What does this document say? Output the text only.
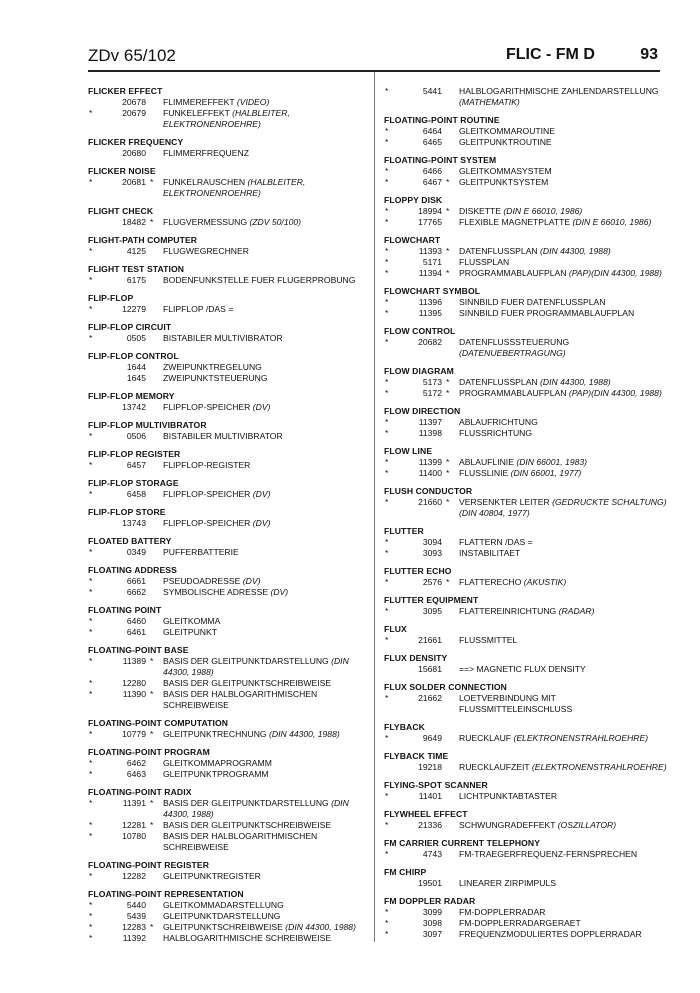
ZDv 65/102	FLIC - FM D	93
FLICKER EFFECT
20678 FLIMMEREFFEKT (VIDEO)
*	20679 FUNKELEFFEKT (HALBLEITER, ELEKTRONENROEHRE)
FLICKER FREQUENCY
20680 FLIMMERFREQUENZ
FLICKER NOISE
*	20681 * FUNKELRAUSCHEN (HALBLEITER, ELEKTRONENROEHRE)
FLIGHT CHECK
18482 * FLUGVERMESSUNG (ZDV 50/100)
FLIGHT-PATH COMPUTER
*	4125 FLUGWEGRECHNER
FLIGHT TEST STATION
*	6175 BODENFUNKSTELLE FUER FLUGERPROBUNG
FLIP-FLOP
*	12279 FLIPFLOP /DAS =
FLIP-FLOP CIRCUIT
*	0505 BISTABILER MULTIVIBRATOR
FLIP-FLOP CONTROL
1644 ZWEIPUNKTREGELUNG
1645 ZWEIPUNKTSTEUERUNG
FLIP-FLOP MEMORY
13742 FLIPFLOP-SPEICHER (DV)
FLIP-FLOP MULTIVIBRATOR
*	0506 BISTABILER MULTIVIBRATOR
FLIP-FLOP REGISTER
*	6457 FLIPFLOP-REGISTER
FLIP-FLOP STORAGE
*	6458 FLIPFLOP-SPEICHER (DV)
FLIP-FLOP STORE
13743 FLIPFLOP-SPEICHER (DV)
FLOATED BATTERY
*	0349 PUFFERBATTERIE
FLOATING ADDRESS
*	6661 PSEUDOADRESSE (DV)
*	6662 SYMBOLISCHE ADRESSE (DV)
FLOATING POINT
*	6460 GLEITKOMMA
*	6461 GLEITPUNKT
FLOATING-POINT BASE
*	11389 * BASIS DER GLEITPUNKTDARSTELLUNG (DIN 44300, 1988)
*	12280 BASIS DER GLEITPUNKTSCHREIBWEISE
*	11390 * BASIS DER HALBLOGARITHMISCHEN SCHREIBWEISE
FLOATING-POINT COMPUTATION
*	10779 * GLEITPUNKTRECHNUNG (DIN 44300, 1988)
FLOATING-POINT PROGRAM
*	6462 GLEITKOMMAPROGRAMM
*	6463 GLEITPUNKTPROGRAMM
FLOATING-POINT RADIX
*	11391 * BASIS DER GLEITPUNKTDARSTELLUNG (DIN 44300, 1988)
*	12281 * BASIS DER GLEITPUNKTSCHREIBWEISE
*	10780 BASIS DER HALBLOGARITHMISCHEN SCHREIBWEISE
FLOATING-POINT REGISTER
*	12282 GLEITPUNKTREGISTER
FLOATING-POINT REPRESENTATION
*	5440 GLEITKOMMADARSTELLUNG
*	5439 GLEITPUNKTDARSTELLUNG
*	12283 * GLEITPUNKTSCHREIBWEISE (DIN 44300, 1988)
*	11392 HALBLOGARITHMISCHE SCHREIBWEISE
*	5441 HALBLOGARITHMISCHE ZAHLENDARSTELLUNG (MATHEMATIK)
FLOATING-POINT ROUTINE
*	6464 GLEITKOMMAROUTINE
*	6465 GLEITPUNKTROUTINE
FLOATING-POINT SYSTEM
*	6466 GLEITKOMMASYSTEM
*	6467 * GLEITPUNKTSYSTEM
FLOPPY DISK
*	18994 * DISKETTE (DIN E 66010, 1986)
*	17765 FLEXIBLE MAGNETPLATTE (DIN E 66010, 1986)
FLOWCHART
*	11393 * DATENFLUSSPLAN (DIN 44300, 1988)
*	5171 FLUSSPLAN
*	11394 * PROGRAMMABLAUFPLAN (PAP)(DIN 44300, 1988)
FLOWCHART SYMBOL
*	11396 SINNBILD FUER DATENFLUSSPLAN
*	11395 SINNBILD FUER PROGRAMMABLAUFPLAN
FLOW CONTROL
*	20682 DATENFLUSSSTEUERUNG (DATENUEBERTRAGUNG)
FLOW DIAGRAM
*	5173 * DATENFLUSSPLAN (DIN 44300, 1988)
*	5172 * PROGRAMMABLAUFPLAN (PAP)(DIN 44300, 1988)
FLOW DIRECTION
*	11397 ABLAUFRICHTUNG
*	11398 FLUSSRICHTUNG
FLOW LINE
*	11399 * ABLAUFLINIE (DIN 66001, 1983)
*	11400 * FLUSSLINIE (DIN 66001, 1977)
FLUSH CONDUCTOR
*	21660 * VERSENKTER LEITER (GEDRUCKTE SCHALTUNG) (DIN 40804, 1977)
FLUTTER
*	3094 FLATTERN /DAS =
*	3093 INSTABILITAET
FLUTTER ECHO
*	2576 * FLATTERECHO (AKUSTIK)
FLUTTER EQUIPMENT
*	3095 FLATTEREINRICHTUNG (RADAR)
FLUX
*	21661 FLUSSMITTEL
FLUX DENSITY
15681 ==> MAGNETIC FLUX DENSITY
FLUX SOLDER CONNECTION
*	21662 LOETVERBINDUNG MIT FLUSSMITTELEINSCHLUSS
FLYBACK
*	9649 RUECKLAUF (ELEKTRONENSTRAHLROEHRE)
FLYBACK TIME
19218 RUECKLAUFZEIT (ELEKTRONENSTRAHLROEHRE)
FLYING-SPOT SCANNER
*	11401 LICHTPUNKTABTASTER
FLYWHEEL EFFECT
*	21336 SCHWUNGRADEFFEKT (OSZILLATOR)
FM CARRIER CURRENT TELEPHONY
*	4743 FM-TRAEGERFREQUENZ-FERNSPRECHEN
FM CHIRP
19501 LINEARER ZIRPIMPULS
FM DOPPLER RADAR
*	3099 FM-DOPPLERRADAR
*	3098 FM-DOPPLERRADARGERAET
*	3097 FREQUENZMODULIERTES DOPPLERRADAR
